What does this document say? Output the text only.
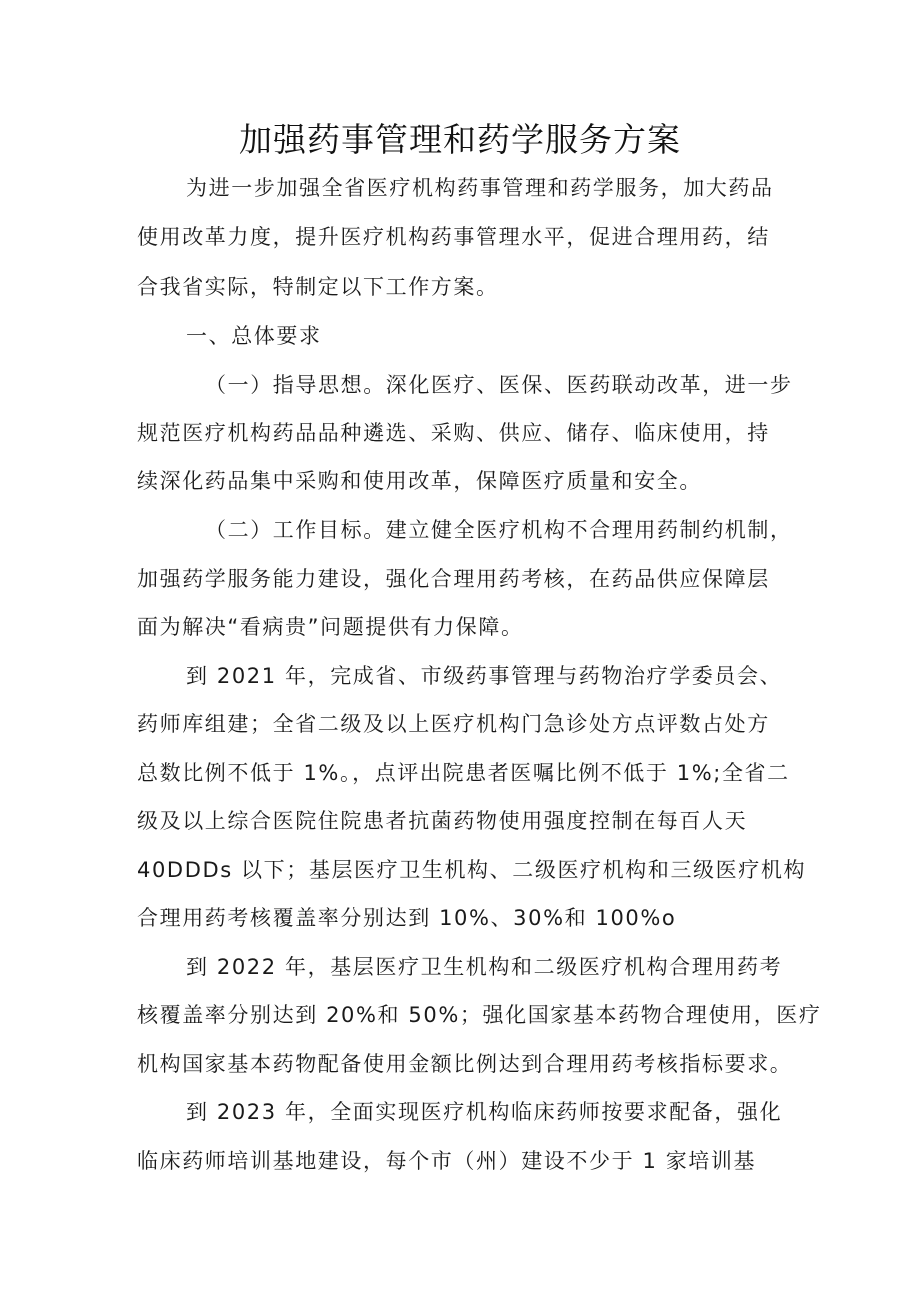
加强药事管理和药学服务方案

为进一步加强全省医疗机构药事管理和药学服务，加大药品

使用改革力度，提升医疗机构药事管理水平，促进合理用药，结

合我省实际，特制定以下工作方案。

一、总体要求

（一）指导思想。深化医疗、医保、医药联动改革，进一步

规范医疗机构药品品种遴选、采购、供应、储存、临床使用，持

续深化药品集中采购和使用改革，保障医疗质量和安全。

（二）工作目标。建立健全医疗机构不合理用药制约机制，

加强药学服务能力建设，强化合理用药考核，在药品供应保障层

面为解决“看病贵”问题提供有力保障。

到 2021 年，完成省、市级药事管理与药物治疗学委员会、

药师库组建；全省二级及以上医疗机构门急诊处方点评数占处方

总数比例不低于 1%。，点评出院患者医嘱比例不低于 1%;全省二

级及以上综合医院住院患者抗菌药物使用强度控制在每百人天

40DDDs 以下；基层医疗卫生机构、二级医疗机构和三级医疗机构

合理用药考核覆盖率分别达到 10%、30%和 100%o

到 2022 年，基层医疗卫生机构和二级医疗机构合理用药考

核覆盖率分别达到 20%和 50%；强化国家基本药物合理使用，医疗

机构国家基本药物配备使用金额比例达到合理用药考核指标要求。

到 2023 年，全面实现医疗机构临床药师按要求配备，强化

临床药师培训基地建设，每个市（州）建设不少于 1 家培训基
